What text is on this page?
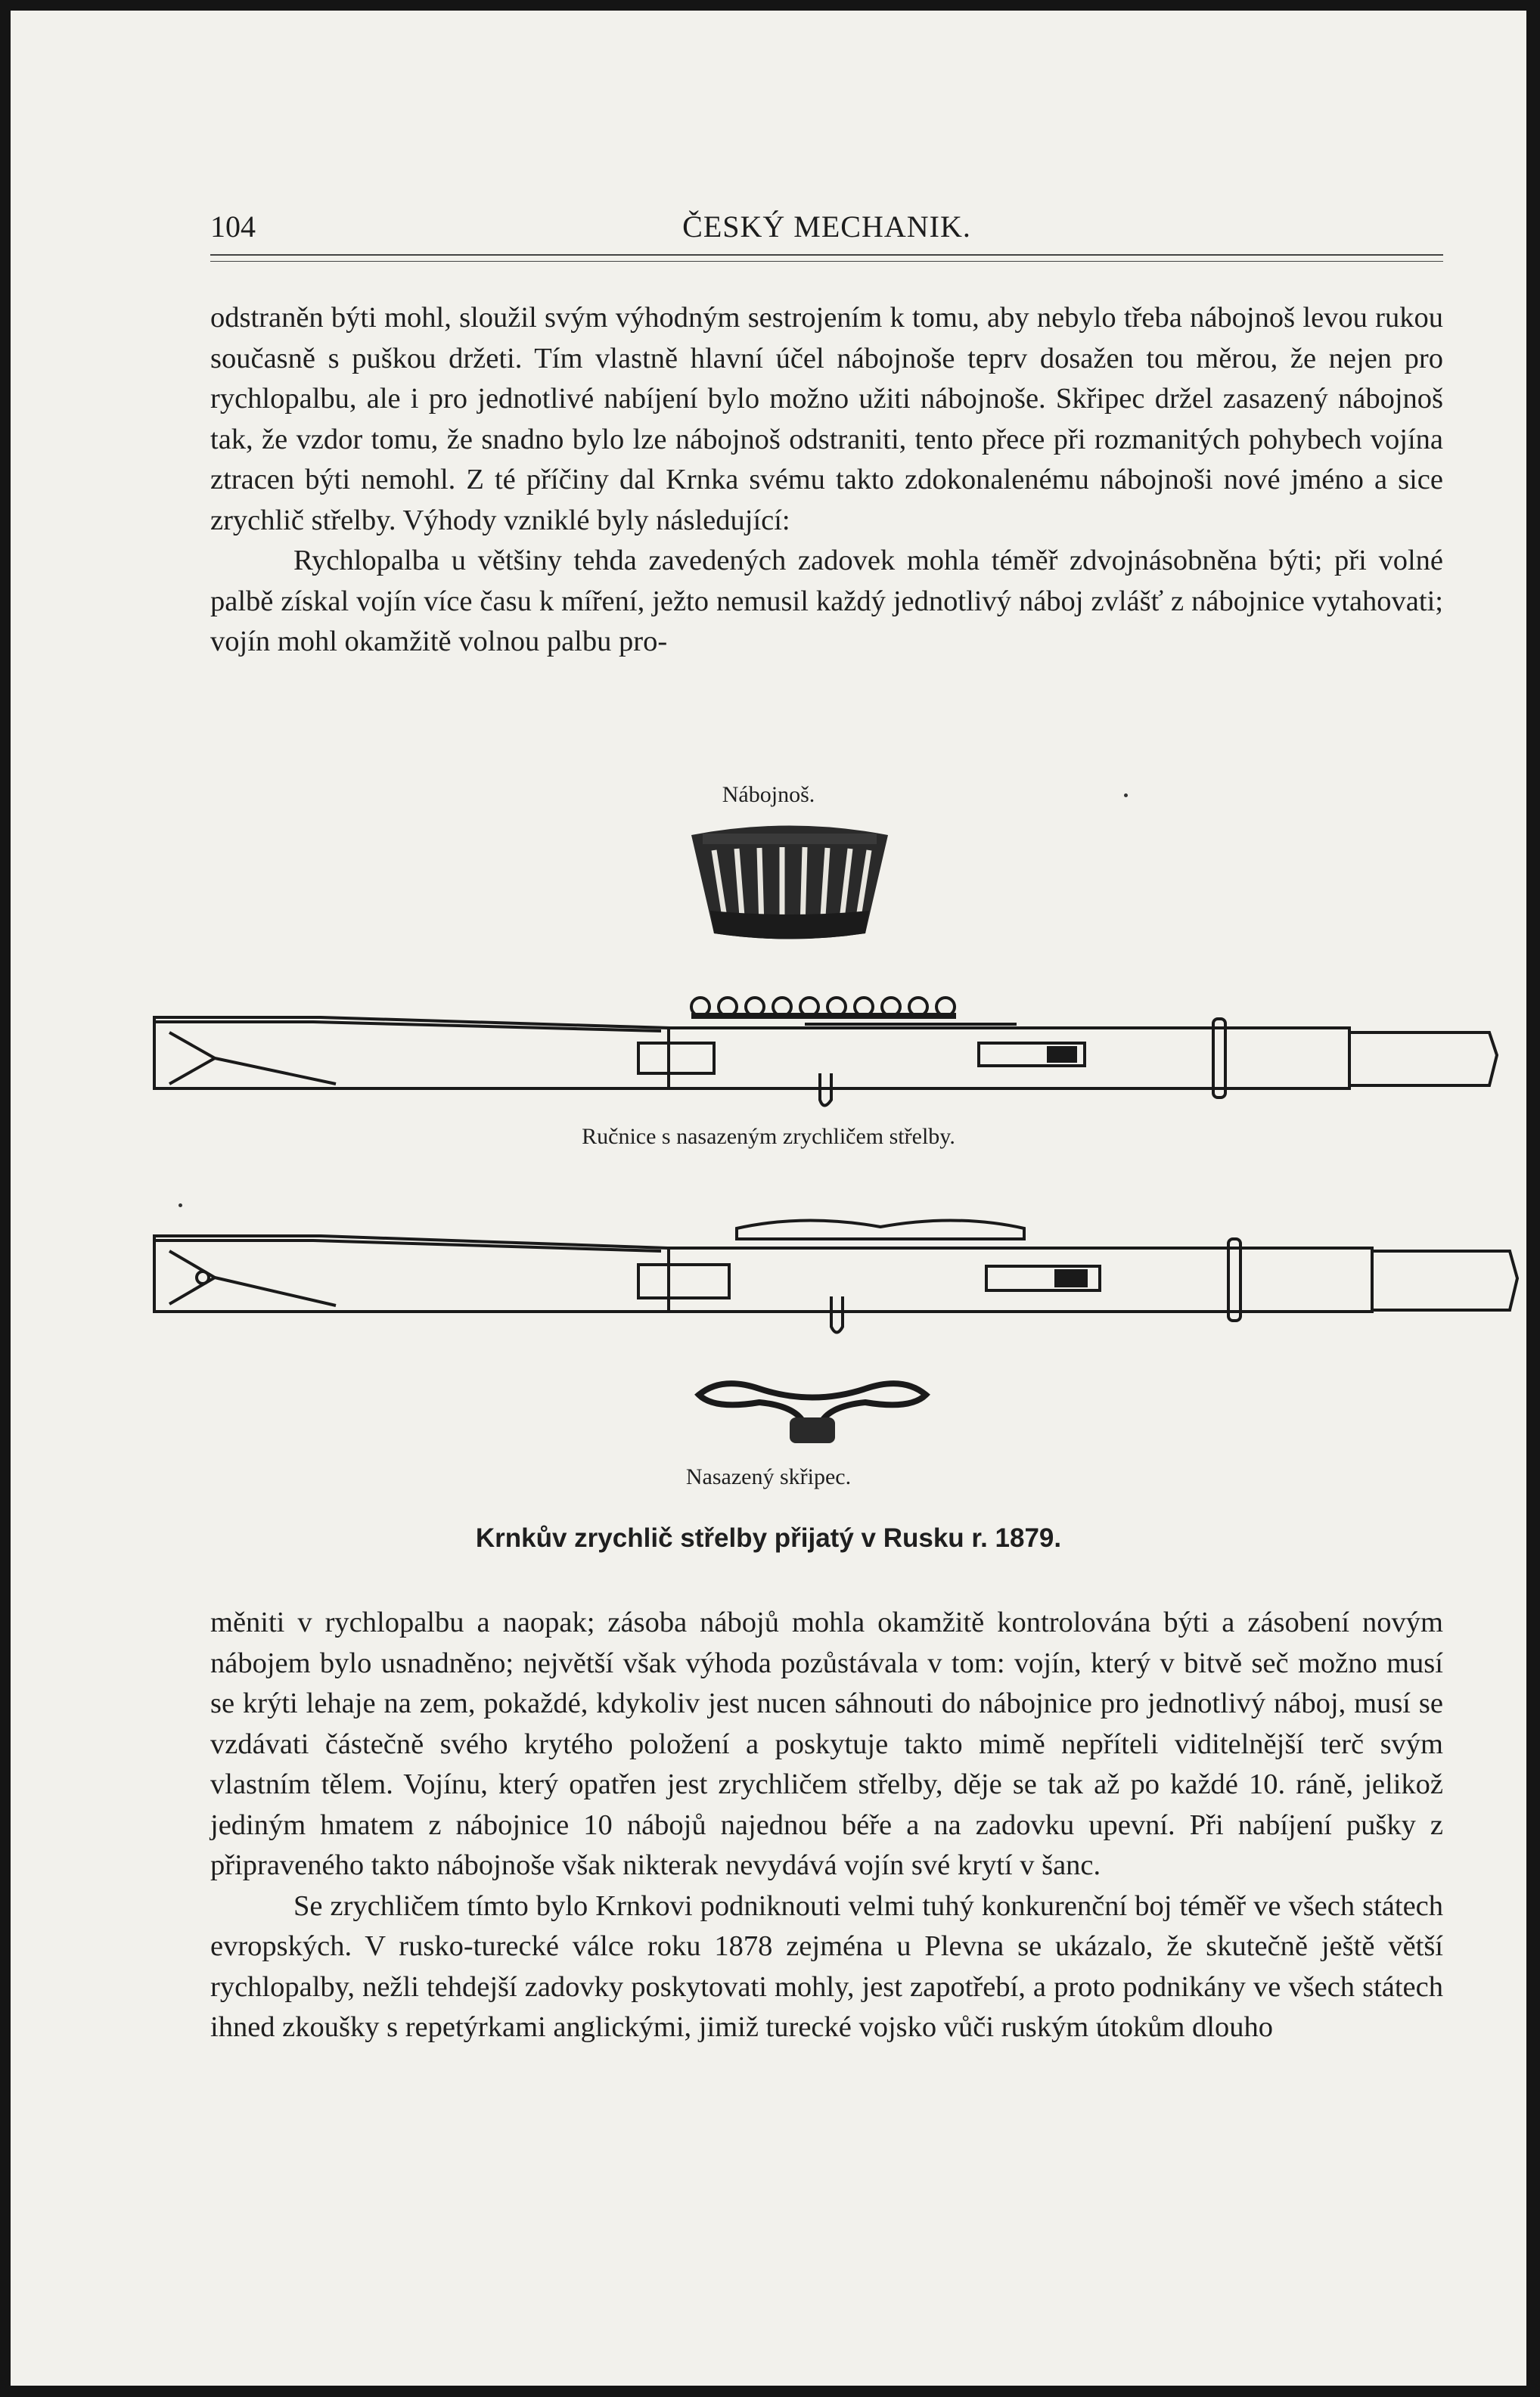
104	ČESKÝ MECHANIK.

odstraněn býti mohl, sloužil svým výhodným sestrojením k tomu, aby nebylo třeba nábojnoš levou rukou současně s puškou držeti. Tím vlastně hlavní účel nábojnoše teprv dosažen tou měrou, že nejen pro rychlopalbu, ale i pro jednotlivé nabíjení bylo možno užiti nábojnoše. Skřipec držel zasazený nábojnoš tak, že vzdor tomu, že snadno bylo lze nábojnoš odstraniti, tento přece při rozmanitých pohybech vojína ztracen býti nemohl. Z té příčiny dal Krnka svému takto zdokonalenému nábojnoši nové jméno a sice zrychlič střelby. Výhody vzniklé byly následující:

Rychlopalba u většiny tehda zavedených zadovek mohla téměř zdvojnásobněna býti; při volné palbě získal vojín více času k míření, ježto nemusil každý jednotlivý náboj zvlášť z nábojnice vytahovati; vojín mohl okamžitě volnou palbu pro-

Nábojnoš.
Ručnice s nasazeným zrychličem střelby.
Nasazený skřipec.
Krnkův zrychlič střelby přijatý v Rusku r. 1879.

měniti v rychlopalbu a naopak; zásoba nábojů mohla okamžitě kontrolována býti a zásobení novým nábojem bylo usnadněno; největší však výhoda pozůstávala v tom: vojín, který v bitvě seč možno musí se krýti lehaje na zem, pokaždé, kdykoliv jest nucen sáhnouti do nábojnice pro jednotlivý náboj, musí se vzdávati částečně svého krytého položení a poskytuje takto mimě nepříteli viditelnější terč svým vlastním tělem. Vojínu, který opatřen jest zrychličem střelby, děje se tak až po každé 10. ráně, jelikož jediným hmatem z nábojnice 10 nábojů najednou béře a na zadovku upevní. Při nabíjení pušky z připraveného takto nábojnoše však nikterak nevydává vojín své krytí v šanc.

Se zrychličem tímto bylo Krnkovi podniknouti velmi tuhý konkurenční boj téměř ve všech státech evropských. V rusko-turecké válce roku 1878 zejména u Plevna se ukázalo, že skutečně ještě větší rychlopalby, nežli tehdejší zadovky poskytovati mohly, jest zapotřebí, a proto podnikány ve všech státech ihned zkoušky s repetýrkami anglickými, jimiž turecké vojsko vůči ruským útokům dlouho
